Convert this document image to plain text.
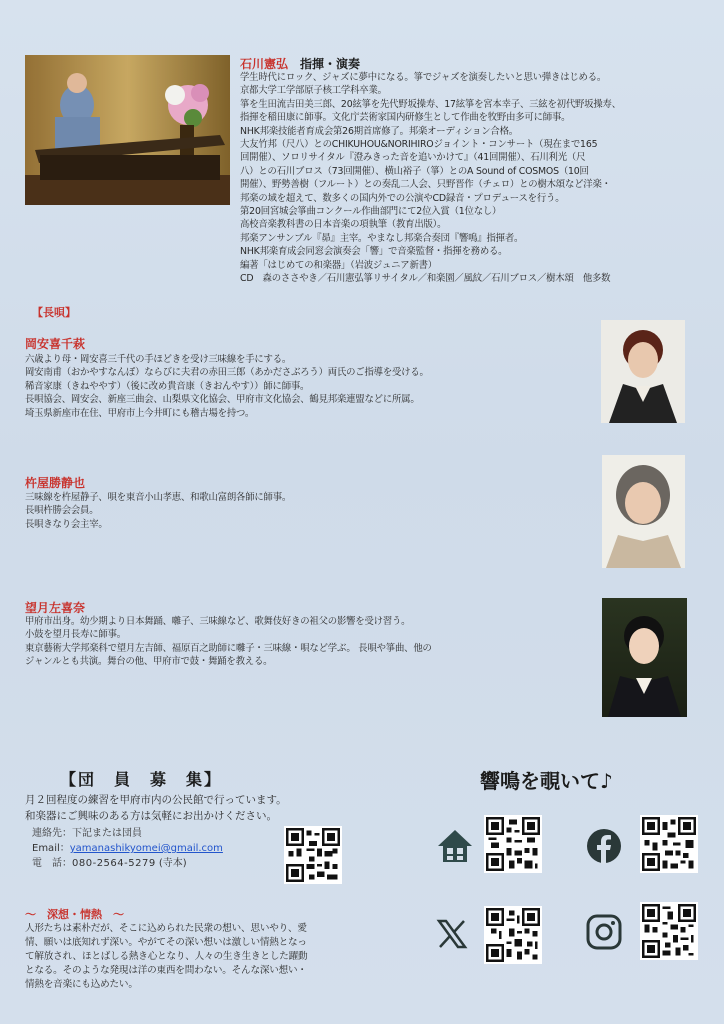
石川憲弘 指揮・演奏

学生時代にロック、ジャズに夢中になる。箏でジャズを演奏したいと思い弾きはじめる。

京都大学工学部原子核工学科卒業。

箏を生田流吉田美三郎、20絃箏を先代野坂操寿、17絃箏を宮本幸子、三絃を初代野坂操寿、

指揮を稲田康に師事。文化庁芸術家国内研修生として作曲を牧野由多可に師事。

NHK邦楽技能者育成会第26期首席修了。邦楽オーディション合格。

大友竹邦（尺八）とのCHIKUHOU&NORIHIROジョイント・コンサート（現在まで165

回開催）、ソロリサイタル『澄みきった音を追いかけて』（41回開催）、石川利光（尺

八）との石川ブロス（73回開催）、横山裕子（箏）とのA Sound of COSMOS（10回

開催）、野勢善樹（フルート）との奏乱二人会、只野晋作（チェロ）との樹木頌など洋楽・

邦楽の域を超えて、数多くの国内外での公演やCD録音・プロデュースを行う。

第20回宮城会箏曲コンクール作曲部門にて2位入賞（1位なし）

高校音楽教科書の日本音楽の項執筆（教育出版）。

邦楽アンサンブル『昴』主宰。やまなし邦楽合奏団『響鳴』指揮者。

NHK邦楽育成会同窓会演奏会「響」で音楽監督・指揮を務める。

編著「はじめての和楽器」（岩波ジュニア新書）

CD　森のささやき／石川憲弘箏リサイタル／和楽園／風紋／石川ブロス／樹木頌　他多数

【長唄】
岡安喜千萩

六歳より母・岡安喜三千代の手ほどきを受け三味線を手にする。

岡安南甫（おかやすなんぽ）ならびに夫君の赤田三郎（あかださぶろう）両氏のご指導を受ける。

稀音家康（きねややす）（後に改め貴音康（きおんやす））師に師事。

長唄協会、岡安会、新座三曲会、山梨県文化協会、甲府市文化協会、鶴見邦楽連盟などに所属。

埼玉県新座市在住、甲府市上今井町にも稽古場を持つ。

杵屋勝静也

三味線を杵屋静子、唄を東音小山孝恵、和歌山富朗各師に師事。

長唄杵勝会会員。

長唄きなり会主宰。

望月左喜奈

甲府市出身。幼少期より日本舞踊、囃子、三味線など、歌舞伎好きの祖父の影響を受け習う。

小鼓を望月長寿に師事。

東京藝術大学邦楽科で望月左吉師、福原百之助師に囃子・三味線・唄など学ぶ。 長唄や箏曲、他の

ジャンルとも共演。舞台の他、甲府市で鼓・舞踊を教える。

【団　員　募　集】

月２回程度の練習を甲府市内の公民館で行っています。

和楽器にご興味のある方は気軽にお出かけください。

連絡先：下記または団員

Email：yamanashikyomei@gmail.com

電　話：080-2564-5279 (寺本)

〜　深想・情熱　〜

人形たちは素朴だが、そこに込められた民衆の想い、思いやり、愛

情、願いは底知れず深い。やがてその深い想いは激しい情熱となっ

て解放され、ほとばしる熱き心となり、人々の生き生きとした躍動

となる。そのような発現は洋の東西を問わない。そんな深い想い・

情熱を音楽にも込めたい。

響鳴を覗いて♪
